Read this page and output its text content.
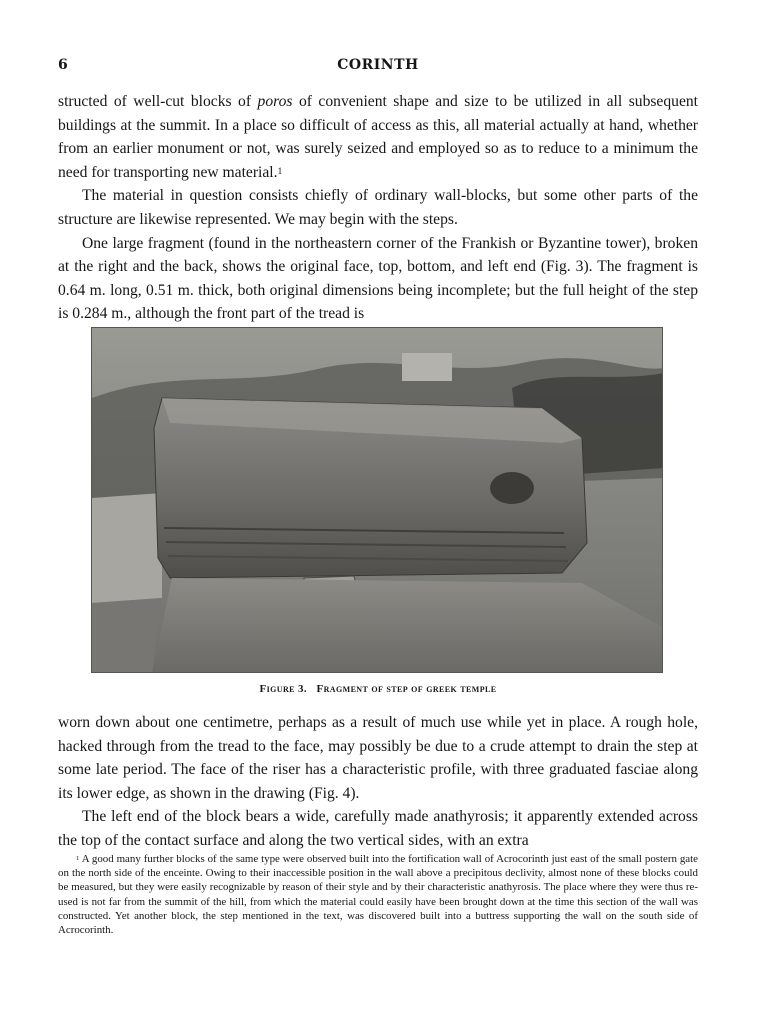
6	CORINTH

structed of well-cut blocks of poros of convenient shape and size to be utilized in all subsequent buildings at the summit. In a place so difficult of access as this, all material actually at hand, whether from an earlier monument or not, was surely seized and employed so as to reduce to a minimum the need for transporting new material.$^1$

The material in question consists chiefly of ordinary wall-blocks, but some other parts of the structure are likewise represented. We may begin with the steps.

One large fragment (found in the northeastern corner of the Frankish or Byzantine tower), broken at the right and the back, shows the original face, top, bottom, and left end (Fig. 3). The fragment is 0.64 m. long, 0.51 m. thick, both original dimensions being incomplete; but the full height of the step is 0.284 m., although the front part of the tread is

Figure 3. Fragment of step of greek temple

worn down about one centimetre, perhaps as a result of much use while yet in place. A rough hole, hacked through from the tread to the face, may possibly be due to a crude attempt to drain the step at some late period. The face of the riser has a characteristic profile, with three graduated fasciae along its lower edge, as shown in the drawing (Fig. 4).

The left end of the block bears a wide, carefully made anathyrosis; it apparently extended across the top of the contact surface and along the two vertical sides, with an extra

$^1$ A good many further blocks of the same type were observed built into the fortification wall of Acrocorinth just east of the small postern gate on the north side of the enceinte. Owing to their inaccessible position in the wall above a precipitous declivity, almost none of these blocks could be measured, but they were easily recognizable by reason of their style and by their characteristic anathyrosis. The place where they were thus re-used is not far from the summit of the hill, from which the material could easily have been brought down at the time this section of the wall was constructed. Yet another block, the step mentioned in the text, was discovered built into a buttress supporting the wall on the south side of Acrocorinth.
